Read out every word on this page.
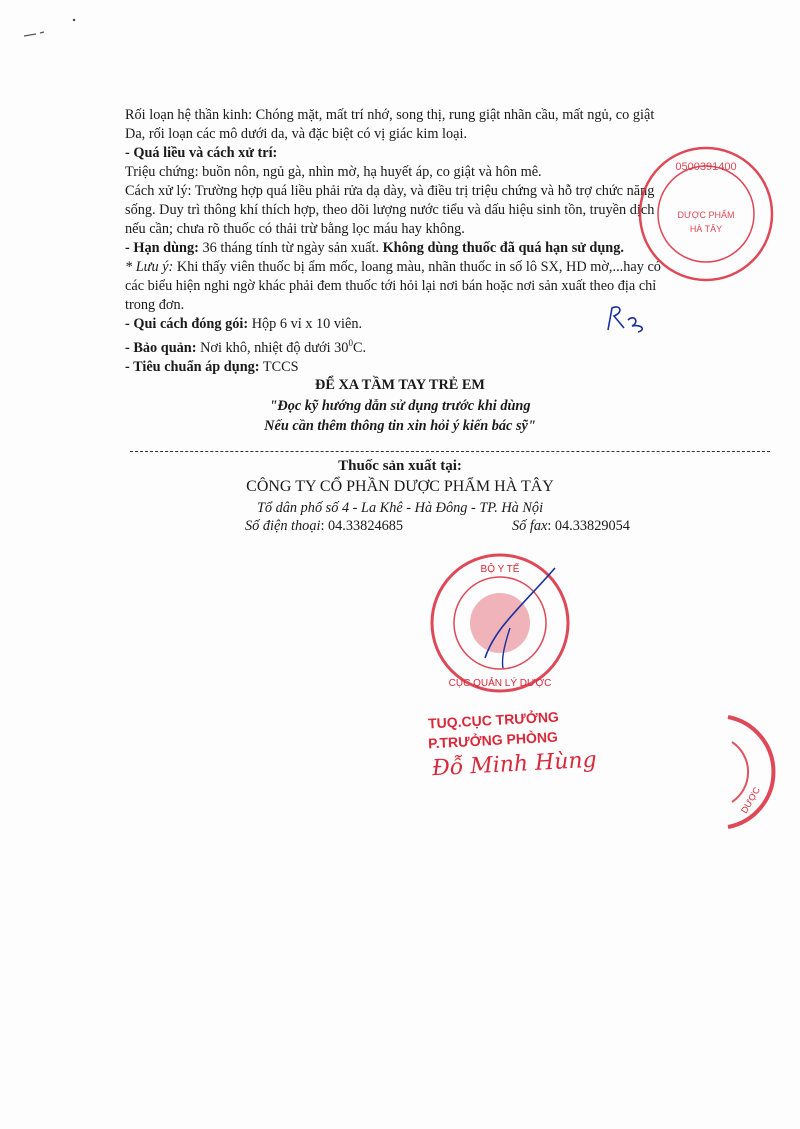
Rối loạn hệ thần kinh: Chóng mặt, mất trí nhớ, song thị, rung giật nhãn cầu, mất ngủ, co giật
Da, rối loạn các mô dưới da, và đặc biệt có vị giác kim loại.
- Quá liều và cách xử trí:
Triệu chứng: buồn nôn, ngủ gà, nhìn mờ, hạ huyết áp, co giật và hôn mê.
Cách xử lý: Trường hợp quá liều phải rửa dạ dày, và điều trị triệu chứng và hỗ trợ chức năng
sống. Duy trì thông khí thích hợp, theo dõi lượng nước tiểu và dấu hiệu sinh tồn, truyền dịch
nếu cần; chưa rõ thuốc có thải trừ bằng lọc máu hay không.
- Hạn dùng: 36 tháng tính từ ngày sản xuất. Không dùng thuốc đã quá hạn sử dụng.
* Lưu ý: Khi thấy viên thuốc bị ẩm mốc, loang màu, nhãn thuốc in số lô SX, HD mờ,...hay có
các biểu hiện nghi ngờ khác phải đem thuốc tới hỏi lại nơi bán hoặc nơi sản xuất theo địa chỉ
trong đơn.
- Qui cách đóng gói: Hộp 6 vỉ x 10 viên.
- Bảo quản: Nơi khô, nhiệt độ dưới $30^0C$.
- Tiêu chuẩn áp dụng: TCCS
ĐỂ XA TẦM TAY TRẺ EM
"Đọc kỹ hướng dẫn sử dụng trước khi dùng
Nếu cần thêm thông tin xin hỏi ý kiến bác sỹ"
Thuốc sản xuất tại:
CÔNG TY CỔ PHẦN DƯỢC PHẨM HÀ TÂY
Tổ dân phố số 4 - La Khê - Hà Đông - TP. Hà Nội
Số điện thoại: 04.33824685	Số fax: 04.33829054
0500391400
DƯỢC PHẨM
HÀ TÂY
BỘ Y TẾ
CỤC QUẢN LÝ DƯỢC
DƯỢC
TUQ.CỤC TRƯỞNG
P.TRƯỞNG PHÒNG
Đỗ Minh Hùng
